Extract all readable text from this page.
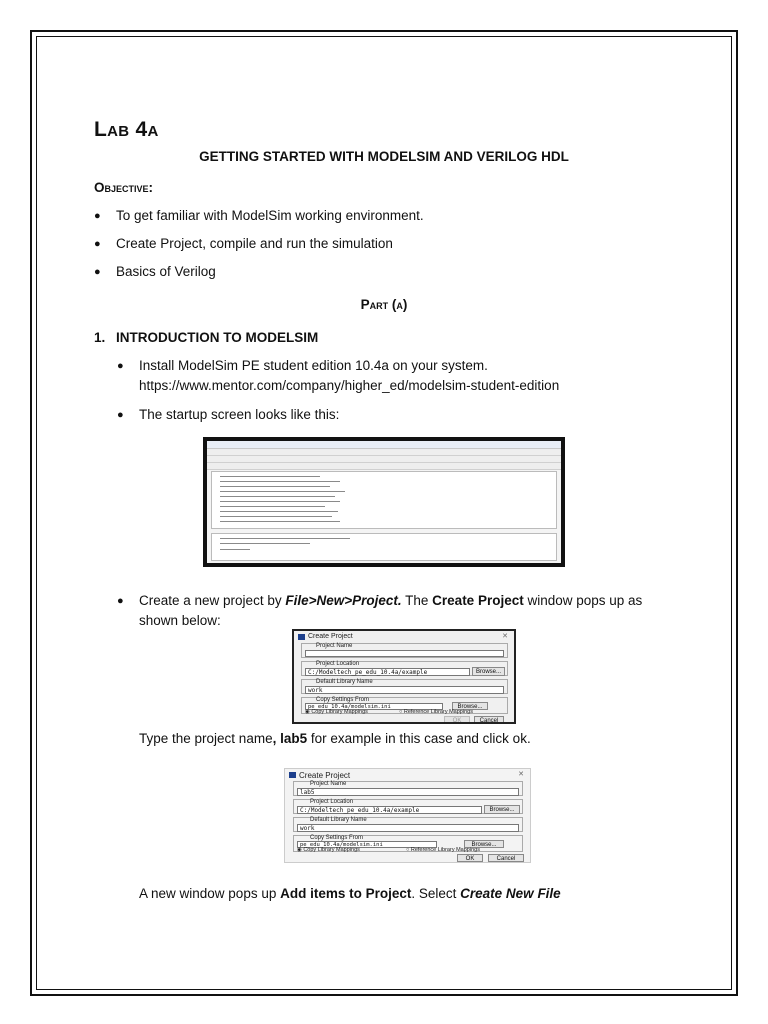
Lab 4a
GETTING STARTED WITH MODELSIM AND VERILOG HDL
Objective:
● To get familiar with ModelSim working environment.
● Create Project, compile and run the simulation
● Basics of Verilog
Part (a)
1. INTRODUCTION TO MODELSIM
● Install ModelSim PE student edition 10.4a on your system.
https://www.mentor.com/company/higher_ed/modelsim-student-edition
● The startup screen looks like this:
● Create a new project by File>New>Project. The Create Project window pops up as
shown below:
Create Project	✕
Project Name
Project Location
C:/Modeltech_pe_edu_10.4a/example	Browse...
Default Library Name
work
Copy Settings From
pe_edu_10.4a/modelsim.ini	Browse...
◉ Copy Library Mappings	○ Reference Library Mappings
OK	Cancel
Type the project name, lab5 for example in this case and click ok.
Create Project	✕
Project Name
lab5
Project Location
C:/Modeltech_pe_edu_10.4a/example	Browse...
Default Library Name
work
Copy Settings From
pe_edu_10.4a/modelsim.ini	Browse...
◉ Copy Library Mappings	○ Reference Library Mappings
OK	Cancel
A new window pops up Add items to Project. Select Create New File
